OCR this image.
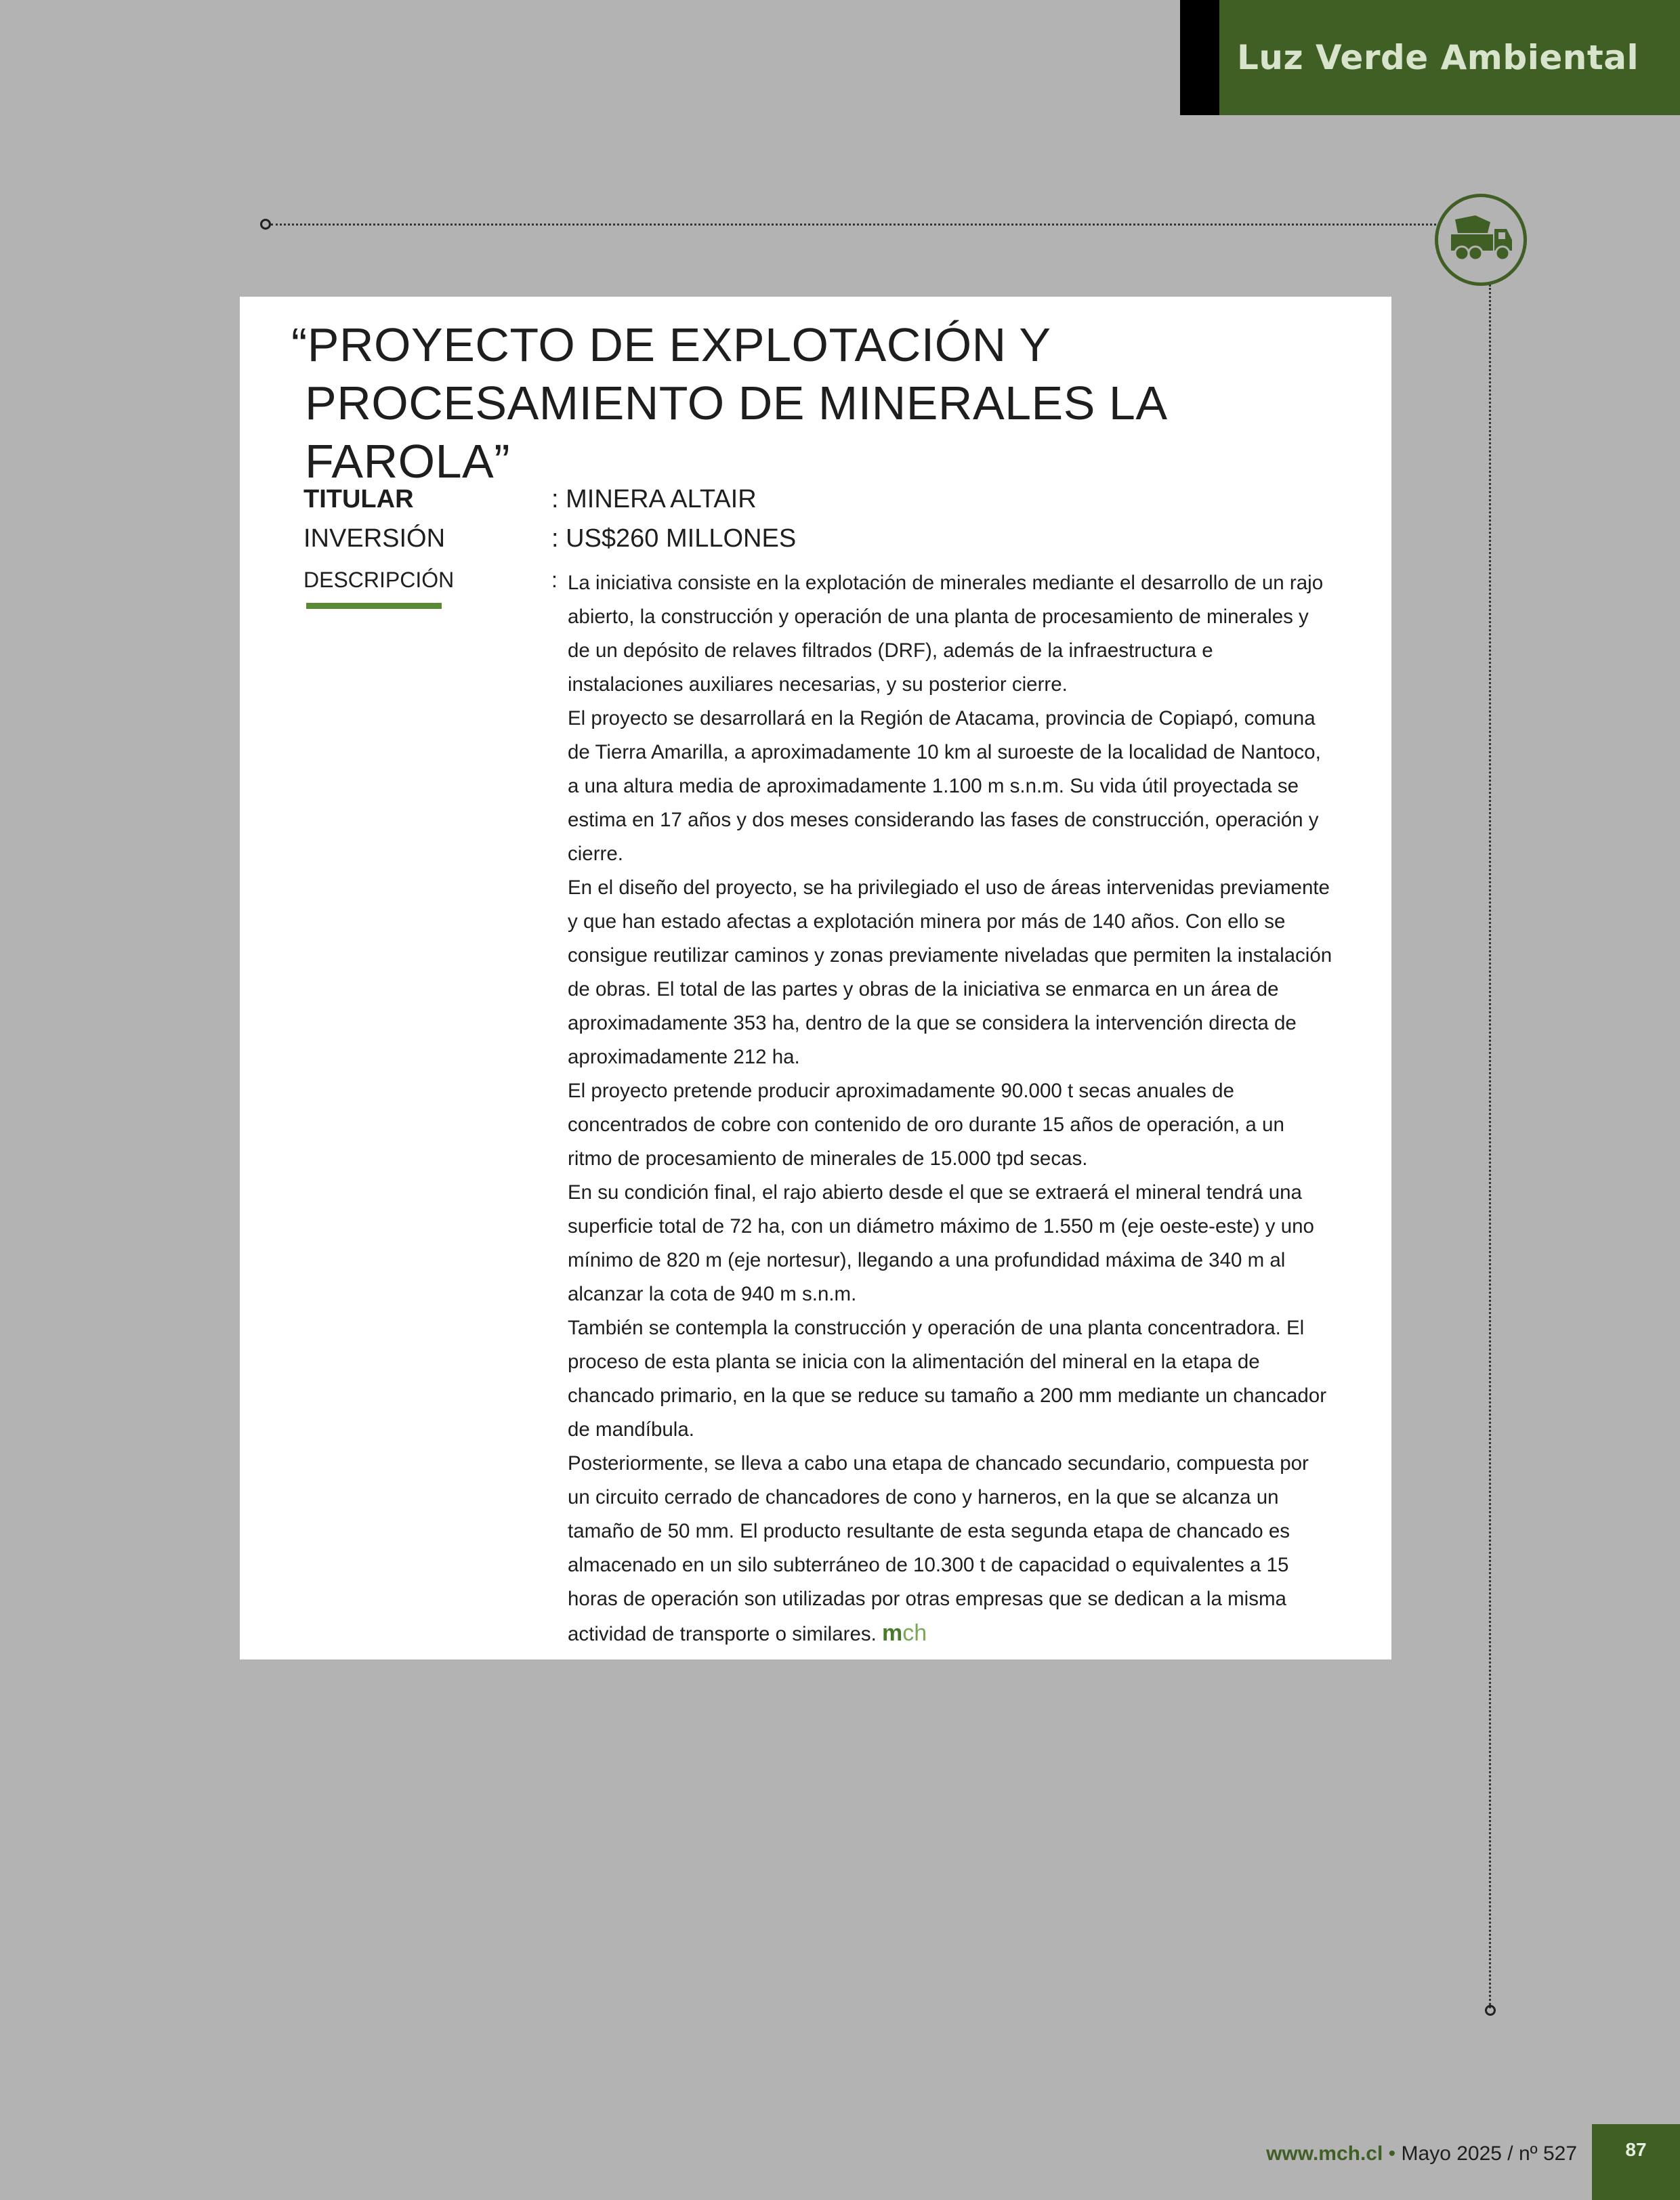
Luz Verde Ambiental
“PROYECTO DE EXPLOTACIÓN Y
PROCESAMIENTO DE MINERALES LA FAROLA”
TITULAR	: MINERA ALTAIR
INVERSIÓN	: US$260 MILLONES
DESCRIPCIÓN	: La iniciativa consiste en la explotación de minerales mediante el desarrollo de un rajo abierto, la construcción y operación de una planta de procesamiento de minerales y de un depósito de relaves filtrados (DRF), además de la infraestructura e instalaciones auxiliares necesarias, y su posterior cierre.

El proyecto se desarrollará en la Región de Atacama, provincia de Copiapó, comuna de Tierra Amarilla, a aproximadamente 10 km al suroeste de la localidad de Nantoco, a una altura media de aproximadamente 1.100 m s.n.m. Su vida útil proyectada se estima en 17 años y dos meses considerando las fases de construcción, operación y cierre.

En el diseño del proyecto, se ha privilegiado el uso de áreas intervenidas previamente y que han estado afectas a explotación minera por más de 140 años. Con ello se consigue reutilizar caminos y zonas previamente niveladas que permiten la instalación de obras. El total de las partes y obras de la iniciativa se enmarca en un área de aproximadamente 353 ha, dentro de la que se considera la intervención directa de aproximadamente 212 ha.

El proyecto pretende producir aproximadamente 90.000 t secas anuales de concentrados de cobre con contenido de oro durante 15 años de operación, a un ritmo de procesamiento de minerales de 15.000 tpd secas.

En su condición final, el rajo abierto desde el que se extraerá el mineral tendrá una superficie total de 72 ha, con un diámetro máximo de 1.550 m (eje oeste-este) y uno mínimo de 820 m (eje nortesur), llegando a una profundidad máxima de 340 m al alcanzar la cota de 940 m s.n.m.

También se contempla la construcción y operación de una planta concentradora. El proceso de esta planta se inicia con la alimentación del mineral en la etapa de chancado primario, en la que se reduce su tamaño a 200 mm mediante un chancador de mandíbula.

Posteriormente, se lleva a cabo una etapa de chancado secundario, compuesta por un circuito cerrado de chancadores de cono y harneros, en la que se alcanza un tamaño de 50 mm. El producto resultante de esta segunda etapa de chancado es almacenado en un silo subterráneo de 10.300 t de capacidad o equivalentes a 15 horas de operación son utilizadas por otras empresas que se dedican a la misma actividad de transporte o similares. mch

www.mch.cl • Mayo 2025 / nº 527	87
